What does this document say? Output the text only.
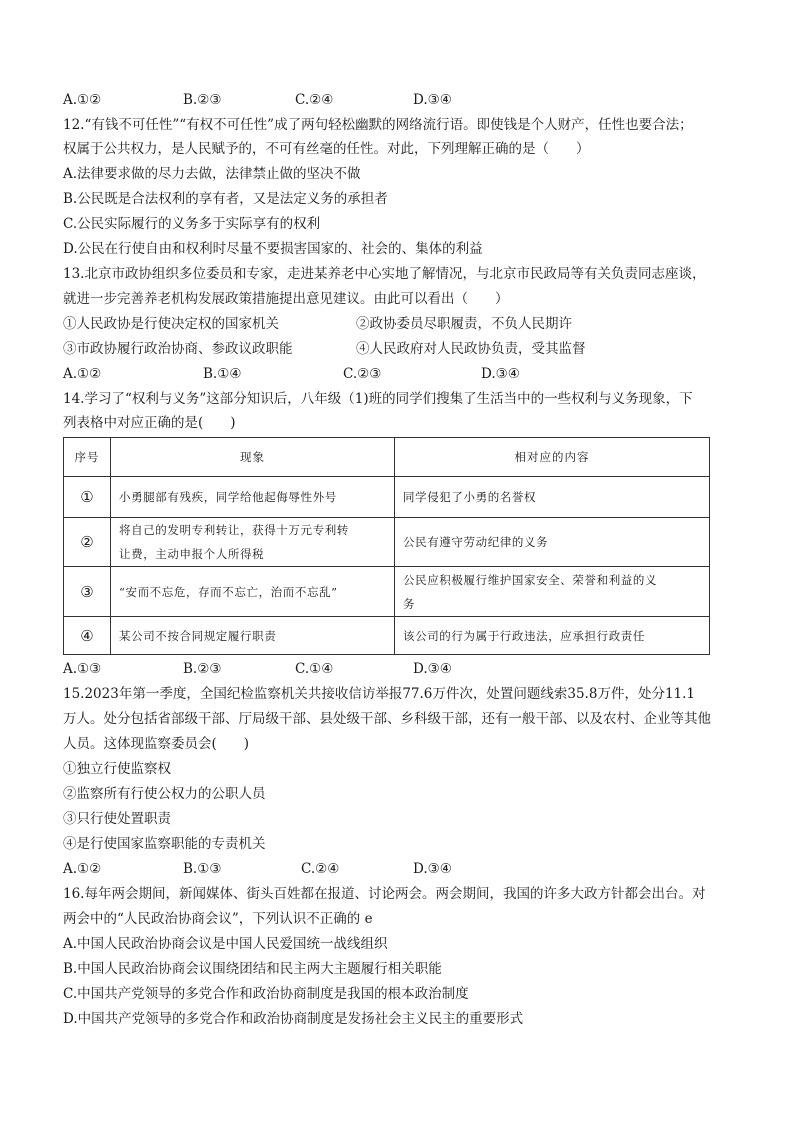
A.①②	B.②③	C.②④	D.③④
12.“有钱不可任性”“有权不可任性”成了两句轻松幽默的网络流行语。即使钱是个人财产，任性也要合法；
权属于公共权力，是人民赋予的，不可有丝毫的任性。对此，下列理解正确的是（　　）
A.法律要求做的尽力去做，法律禁止做的坚决不做
B.公民既是合法权利的享有者，又是法定义务的承担者
C.公民实际履行的义务多于实际享有的权利
D.公民在行使自由和权利时尽量不要损害国家的、社会的、集体的利益
13.北京市政协组织多位委员和专家，走进某养老中心实地了解情况，与北京市民政局等有关负责同志座谈，
就进一步完善养老机构发展政策措施提出意见建议。由此可以看出（　　）
①人民政协是行使决定权的国家机关	②政协委员尽职履责，不负人民期许
③市政协履行政治协商、参政议政职能	④人民政府对人民政协负责，受其监督
A.①②	B.①④	C.②③	D.③④
14.学习了“权利与义务”这部分知识后，八年级（1)班的同学们搜集了生活当中的一些权利与义务现象，下
列表格中对应正确的是(　　)
序号	现象	相对应的内容
①	小勇腿部有残疾，同学给他起侮辱性外号	同学侵犯了小勇的名誉权
②	将自己的发明专利转让，获得十万元专利转
让费，主动申报个人所得税	公民有遵守劳动纪律的义务
③	“安而不忘危，存而不忘亡，治而不忘乱”	公民应积极履行维护国家安全、荣誉和利益的义
务

④	某公司不按合同规定履行职责	该公司的行为属于行政违法，应承担行政责任
A.①③	B.②③	C.①④	D.③④
15.2023年第一季度，全国纪检监察机关共接收信访举报77.6万件次，处置问题线索35.8万件，处分11.1
万人。处分包括省部级干部、厅局级干部、县处级干部、乡科级干部，还有一般干部、以及农村、企业等其他
人员。这体现监察委员会(　　)
①独立行使监察权
②监察所有行使公权力的公职人员
③只行使处置职责
④是行使国家监察职能的专责机关
A.①②	B.①③	C.②④	D.③④
16.每年两会期间，新闻媒体、街头百姓都在报道、讨论两会。两会期间，我国的许多大政方针都会出台。对
两会中的“人民政治协商会议”，下列认识不正确的 e
A.中国人民政治协商会议是中国人民爱国统一战线组织
B.中国人民政治协商会议围绕团结和民主两大主题履行相关职能
C.中国共产党领导的多党合作和政治协商制度是我国的根本政治制度
D.中国共产党领导的多党合作和政治协商制度是发扬社会主义民主的重要形式
